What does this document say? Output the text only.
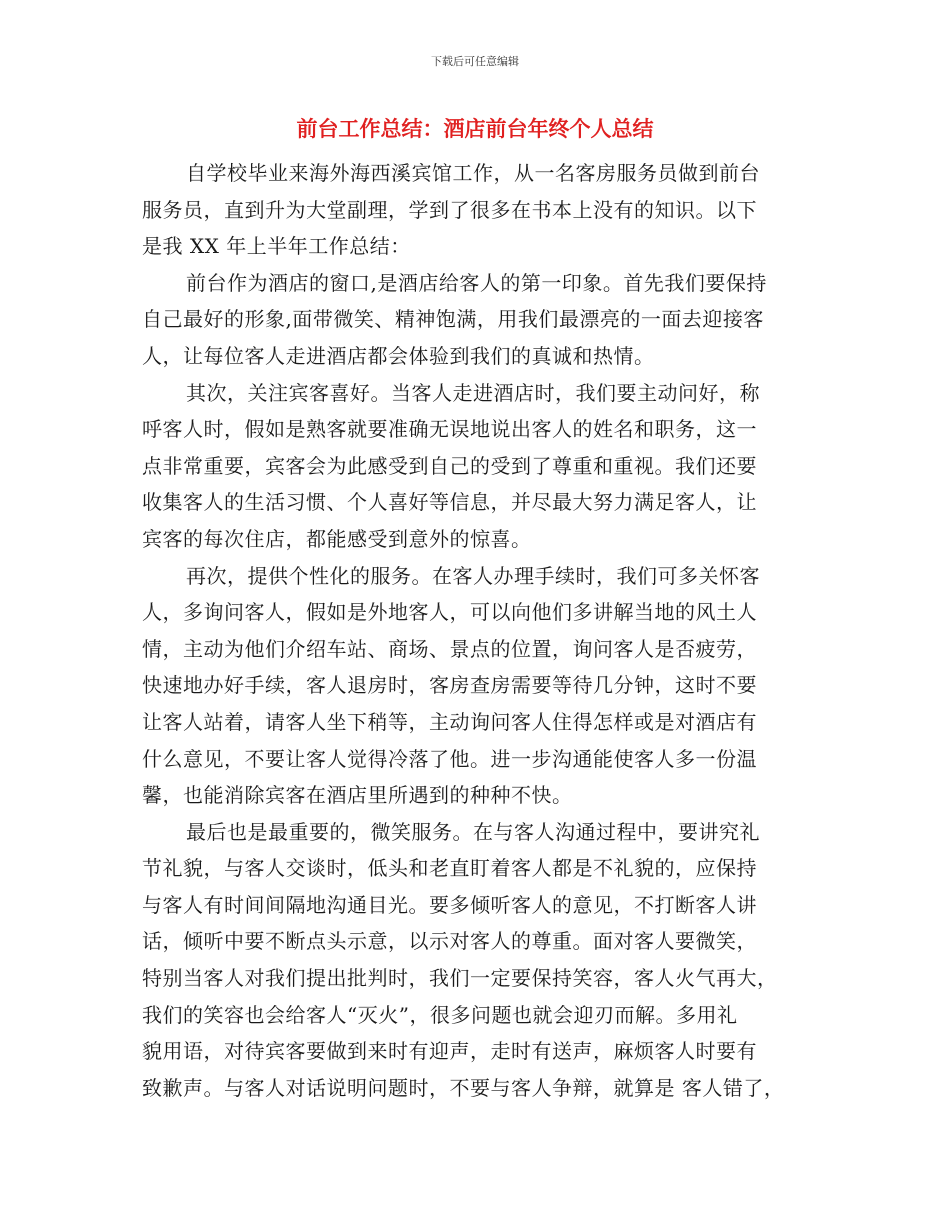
下载后可任意编辑
前台工作总结：酒店前台年终个人总结
自学校毕业来海外海西溪宾馆工作，从一名客房服务员做到前台
服务员，直到升为大堂副理，学到了很多在书本上没有的知识。以下
是我 XX 年上半年工作总结：
前台作为酒店的窗口,是酒店给客人的第一印象。首先我们要保持
自己最好的形象,面带微笑、精神饱满，用我们最漂亮的一面去迎接客
人，让每位客人走进酒店都会体验到我们的真诚和热情。
其次，关注宾客喜好。当客人走进酒店时，我们要主动问好，称
呼客人时，假如是熟客就要准确无误地说出客人的姓名和职务，这一
点非常重要，宾客会为此感受到自己的受到了尊重和重视。我们还要
收集客人的生活习惯、个人喜好等信息，并尽最大努力满足客人，让
宾客的每次住店，都能感受到意外的惊喜。
再次，提供个性化的服务。在客人办理手续时，我们可多关怀客
人，多询问客人，假如是外地客人，可以向他们多讲解当地的风土人
情，主动为他们介绍车站、商场、景点的位置，询问客人是否疲劳，
快速地办好手续，客人退房时，客房查房需要等待几分钟，这时不要
让客人站着，请客人坐下稍等，主动询问客人住得怎样或是对酒店有
什么意见，不要让客人觉得冷落了他。进一步沟通能使客人多一份温
馨，也能消除宾客在酒店里所遇到的种种不快。
最后也是最重要的，微笑服务。在与客人沟通过程中，要讲究礼
节礼貌，与客人交谈时，低头和老直盯着客人都是不礼貌的，应保持
与客人有时间间隔地沟通目光。要多倾听客人的意见，不打断客人讲
话，倾听中要不断点头示意，以示对客人的尊重。面对客人要微笑，
特别当客人对我们提出批判时，我们一定要保持笑容，客人火气再大，
我们的笑容也会给客人“灭火”，很多问题也就会迎刃而解。多用礼
貌用语，对待宾客要做到来时有迎声，走时有送声，麻烦客人时要有
致歉声。与客人对话说明问题时，不要与客人争辩，就算是 客人错了，
